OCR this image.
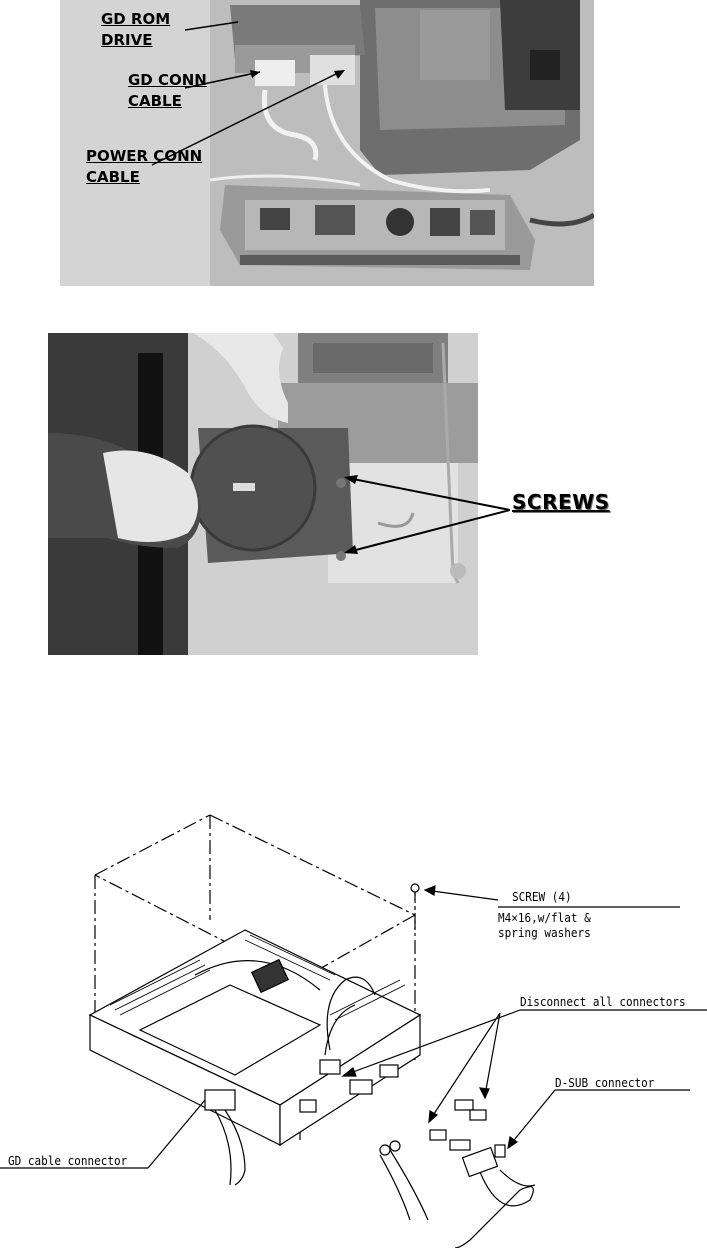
GD ROM
DRIVE
GD CONN
CABLE
POWER CONN
CABLE
SCREWS
SCREW (4)
M4×16,w/flat &
spring washers
Disconnect all connectors
D-SUB connector
GD cable connector
